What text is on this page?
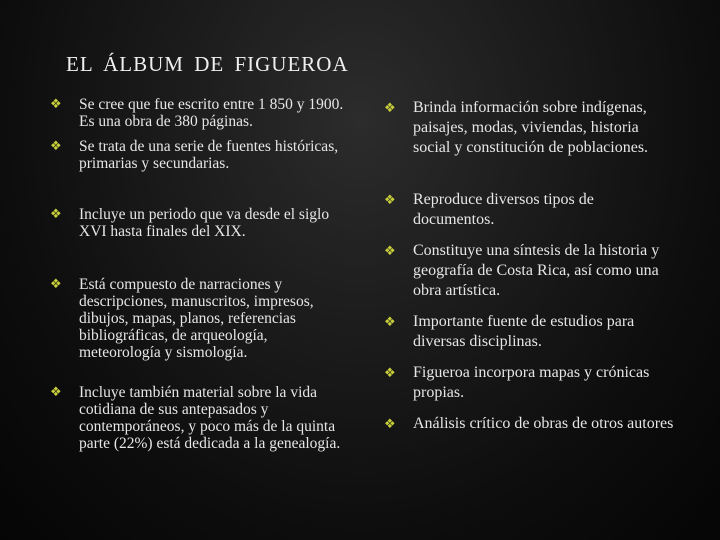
EL ÁLBUM DE FIGUEROA
❖ Se cree que fue escrito entre 1 850 y 1900. Es una obra de 380 páginas.
❖ Se trata de una serie de fuentes históricas, primarias y secundarias.
❖ Incluye un periodo que va desde el siglo XVI hasta finales del XIX.
❖ Está compuesto de narraciones y descripciones, manuscritos, impresos, dibujos, mapas, planos, referencias bibliográficas, de arqueología, meteorología y sismología.
❖ Incluye también material sobre la vida cotidiana de sus antepasados y contemporáneos, y poco más de la quinta parte (22%) está dedicada a la genealogía.
❖ Brinda información sobre indígenas, paisajes, modas, viviendas, historia social y constitución de poblaciones.
❖ Reproduce diversos tipos de documentos.
❖ Constituye una síntesis de la historia y geografía de Costa Rica, así como una obra artística.
❖ Importante fuente de estudios para diversas disciplinas.
❖ Figueroa incorpora mapas y crónicas propias.
❖ Análisis crítico de obras de otros autores
